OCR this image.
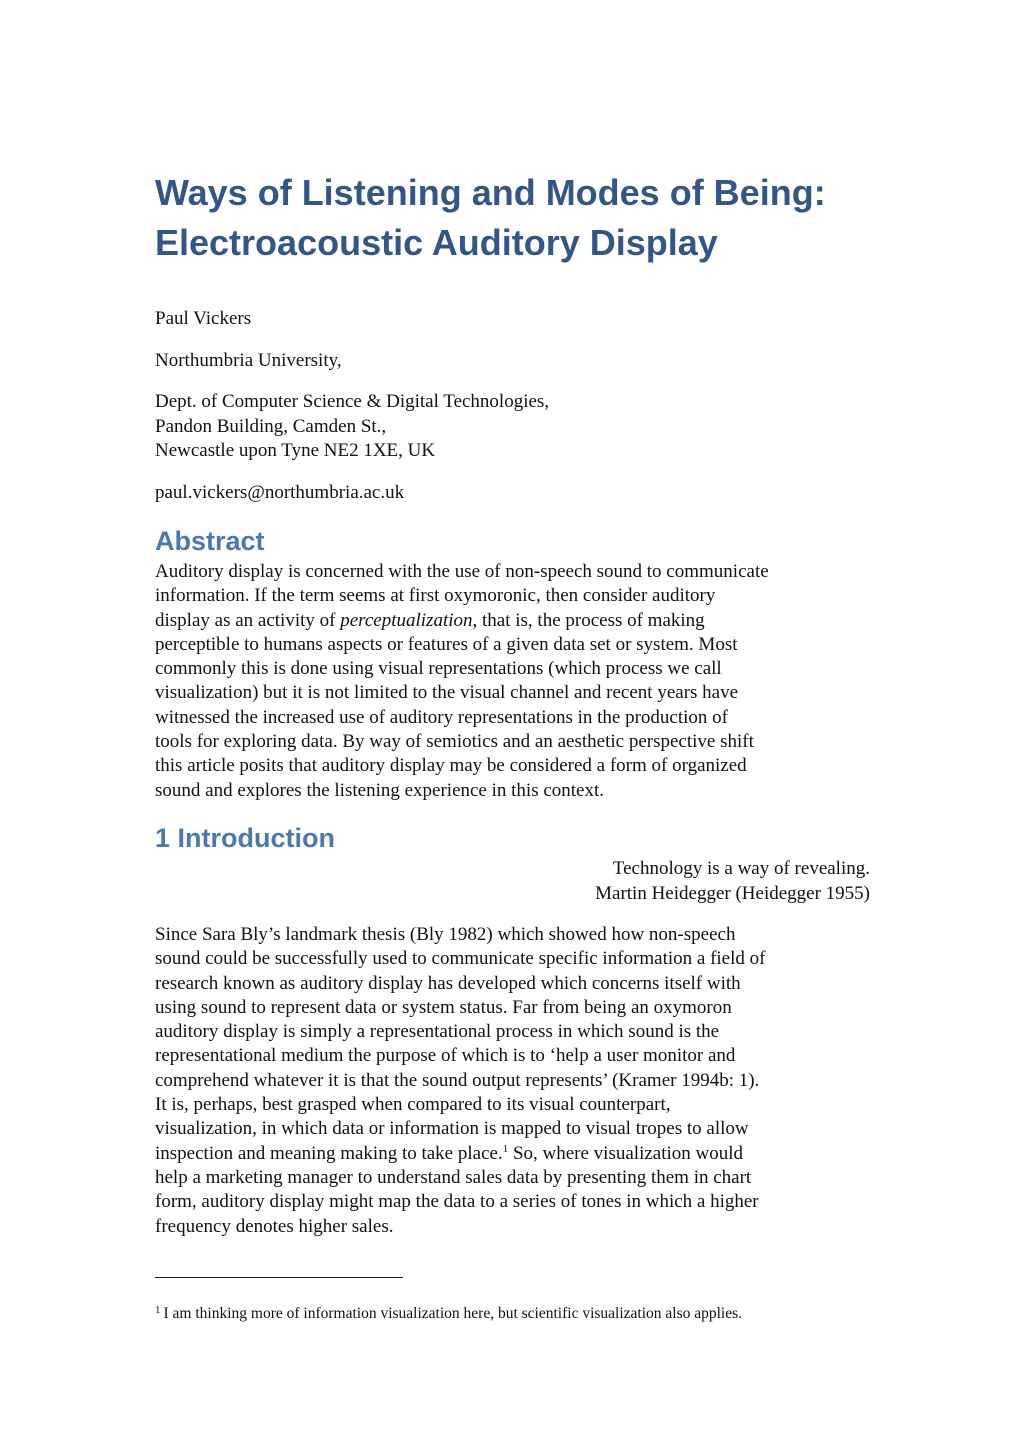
Ways of Listening and Modes of Being:
Electroacoustic Auditory Display

Paul Vickers

Northumbria University,

Dept. of Computer Science & Digital Technologies,
Pandon Building, Camden St.,
Newcastle upon Tyne NE2 1XE, UK

paul.vickers@northumbria.ac.uk

Abstract

Auditory display is concerned with the use of non-speech sound to communicate
information. If the term seems at first oxymoronic, then consider auditory
display as an activity of perceptualization, that is, the process of making
perceptible to humans aspects or features of a given data set or system. Most
commonly this is done using visual representations (which process we call
visualization) but it is not limited to the visual channel and recent years have
witnessed the increased use of auditory representations in the production of
tools for exploring data. By way of semiotics and an aesthetic perspective shift
this article posits that auditory display may be considered a form of organized
sound and explores the listening experience in this context.

1 Introduction
Technology is a way of revealing.
Martin Heidegger (Heidegger 1955)

Since Sara Bly’s landmark thesis (Bly 1982) which showed how non-speech
sound could be successfully used to communicate specific information a field of
research known as auditory display has developed which concerns itself with
using sound to represent data or system status. Far from being an oxymoron
auditory display is simply a representational process in which sound is the
representational medium the purpose of which is to ‘help a user monitor and
comprehend whatever it is that the sound output represents’ (Kramer 1994b: 1).
It is, perhaps, best grasped when compared to its visual counterpart,
visualization, in which data or information is mapped to visual tropes to allow
inspection and meaning making to take place.$^1$ So, where visualization would
help a marketing manager to understand sales data by presenting them in chart
form, auditory display might map the data to a series of tones in which a higher
frequency denotes higher sales.

$^1$ I am thinking more of information visualization here, but scientific visualization also applies.
